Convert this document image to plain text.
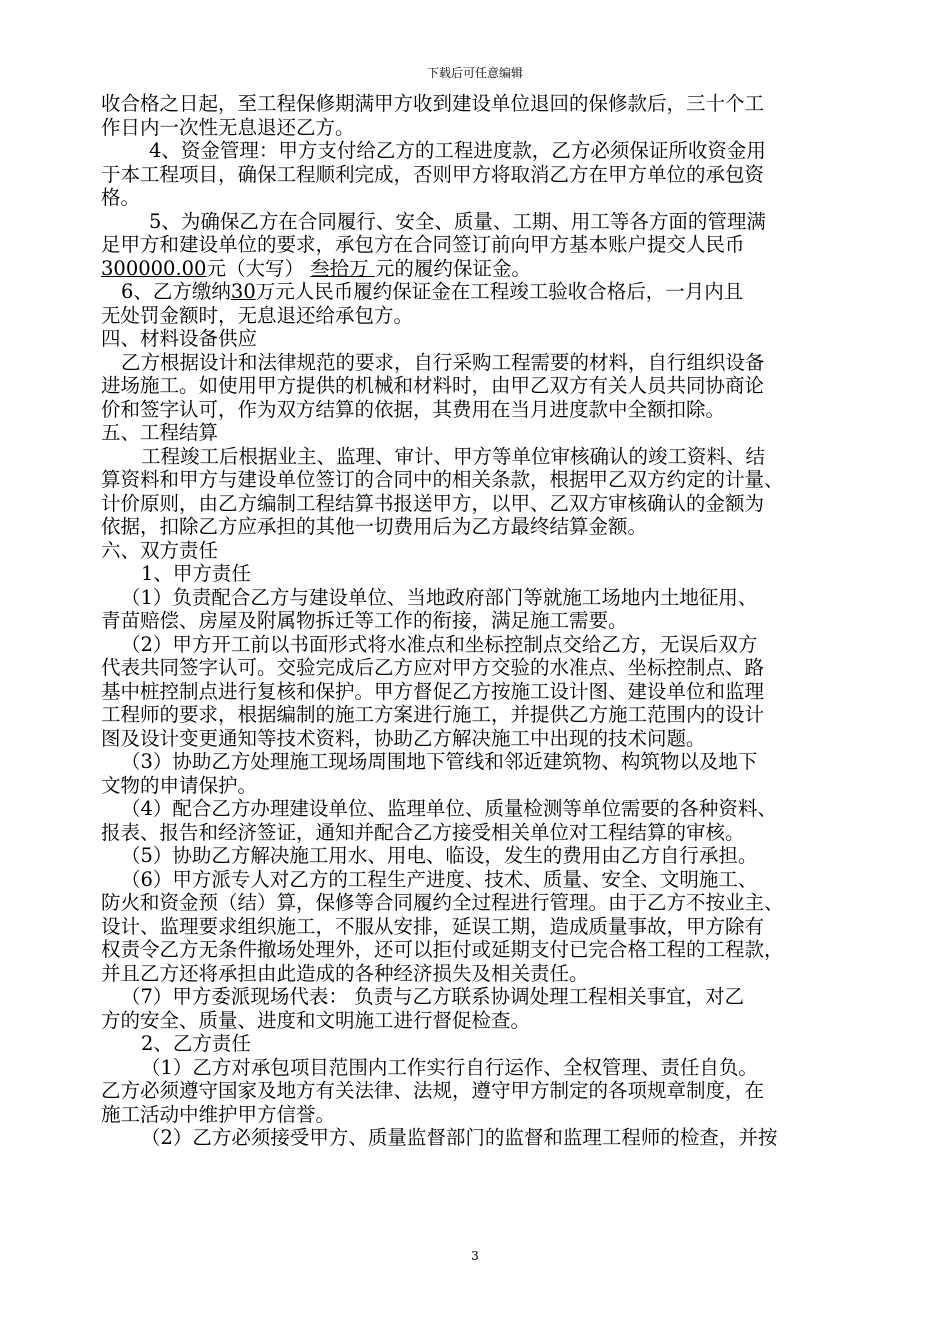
下载后可任意编辑
收合格之日起，至工程保修期满甲方收到建设单位退回的保修款后，三十个工
作日内一次性无息退还乙方。
4、资金管理：甲方支付给乙方的工程进度款，乙方必须保证所收资金用
于本工程项目，确保工程顺利完成，否则甲方将取消乙方在甲方单位的承包资
格。
5、为确保乙方在合同履行、安全、质量、工期、用工等各方面的管理满
足甲方和建设单位的要求，承包方在合同签订前向甲方基本账户提交人民币
300000.00元（大写） 叁拾万 元的履约保证金。
6、乙方缴纳30万元人民币履约保证金在工程竣工验收合格后，一月内且
无处罚金额时，无息退还给承包方。
四、材料设备供应
乙方根据设计和法律规范的要求，自行采购工程需要的材料，自行组织设备
进场施工。如使用甲方提供的机械和材料时，由甲乙双方有关人员共同协商论
价和签字认可，作为双方结算的依据，其费用在当月进度款中全额扣除。
五、工程结算
工程竣工后根据业主、监理、审计、甲方等单位审核确认的竣工资料、结
算资料和甲方与建设单位签订的合同中的相关条款，根据甲乙双方约定的计量、
计价原则，由乙方编制工程结算书报送甲方，以甲、乙双方审核确认的金额为
依据，扣除乙方应承担的其他一切费用后为乙方最终结算金额。
六、双方责任
1、甲方责任
（1）负责配合乙方与建设单位、当地政府部门等就施工场地内土地征用、
青苗赔偿、房屋及附属物拆迁等工作的衔接，满足施工需要。
（2）甲方开工前以书面形式将水准点和坐标控制点交给乙方，无误后双方
代表共同签字认可。交验完成后乙方应对甲方交验的水准点、坐标控制点、路
基中桩控制点进行复核和保护。甲方督促乙方按施工设计图、建设单位和监理
工程师的要求，根据编制的施工方案进行施工，并提供乙方施工范围内的设计
图及设计变更通知等技术资料，协助乙方解决施工中出现的技术问题。
（3）协助乙方处理施工现场周围地下管线和邻近建筑物、构筑物以及地下
文物的申请保护。
（4）配合乙方办理建设单位、监理单位、质量检测等单位需要的各种资料、
报表、报告和经济签证，通知并配合乙方接受相关单位对工程结算的审核。
（5）协助乙方解决施工用水、用电、临设，发生的费用由乙方自行承担。
（6）甲方派专人对乙方的工程生产进度、技术、质量、安全、文明施工、
防火和资金预（结）算，保修等合同履约全过程进行管理。由于乙方不按业主、
设计、监理要求组织施工，不服从安排，延误工期，造成质量事故，甲方除有
权责令乙方无条件撤场处理外，还可以拒付或延期支付已完合格工程的工程款，
并且乙方还将承担由此造成的各种经济损失及相关责任。
（7）甲方委派现场代表： 负责与乙方联系协调处理工程相关事宜，对乙
方的安全、质量、进度和文明施工进行督促检查。
2、乙方责任
（1）乙方对承包项目范围内工作实行自行运作、全权管理、责任自负。
乙方必须遵守国家及地方有关法律、法规，遵守甲方制定的各项规章制度，在
施工活动中维护甲方信誉。
（2）乙方必须接受甲方、质量监督部门的监督和监理工程师的检查，并按
3
